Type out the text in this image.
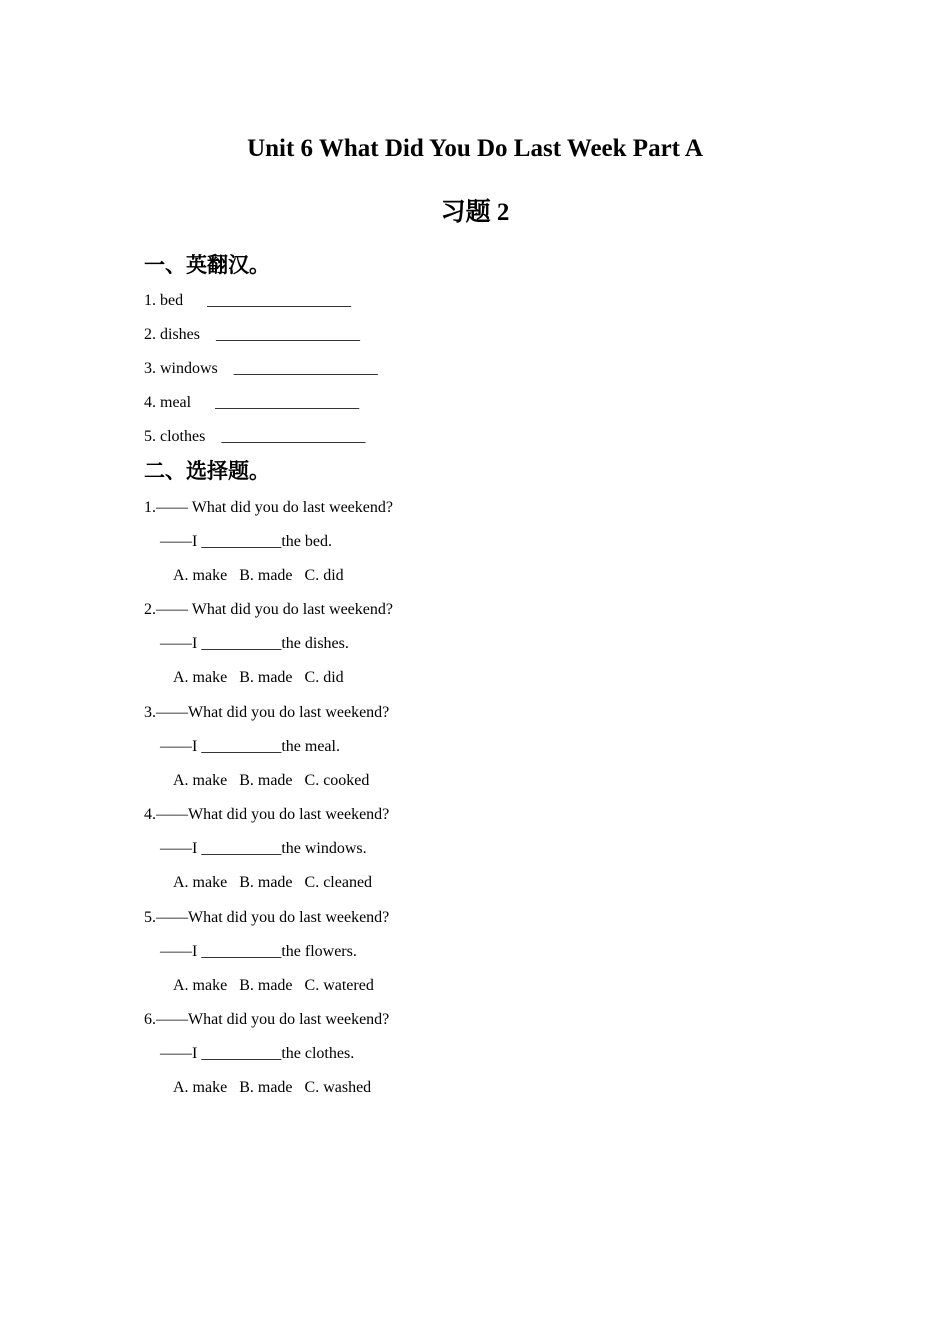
Unit 6 What Did You Do Last Week Part A
习题 2
一、英翻汉。
1. bed      __________________
2. dishes    __________________
3. windows    __________________
4. meal      __________________
5. clothes    __________________
二、选择题。
1.—— What did you do last weekend?
——I __________the bed.
A. make   B. made   C. did
2.—— What did you do last weekend?
——I __________the dishes.
A. make   B. made   C. did
3.——What did you do last weekend?
——I __________the meal.
A. make   B. made   C. cooked
4.——What did you do last weekend?
——I __________the windows.
A. make   B. made   C. cleaned
5.——What did you do last weekend?
——I __________the flowers.
A. make   B. made   C. watered
6.——What did you do last weekend?
——I __________the clothes.
A. make   B. made   C. washed
